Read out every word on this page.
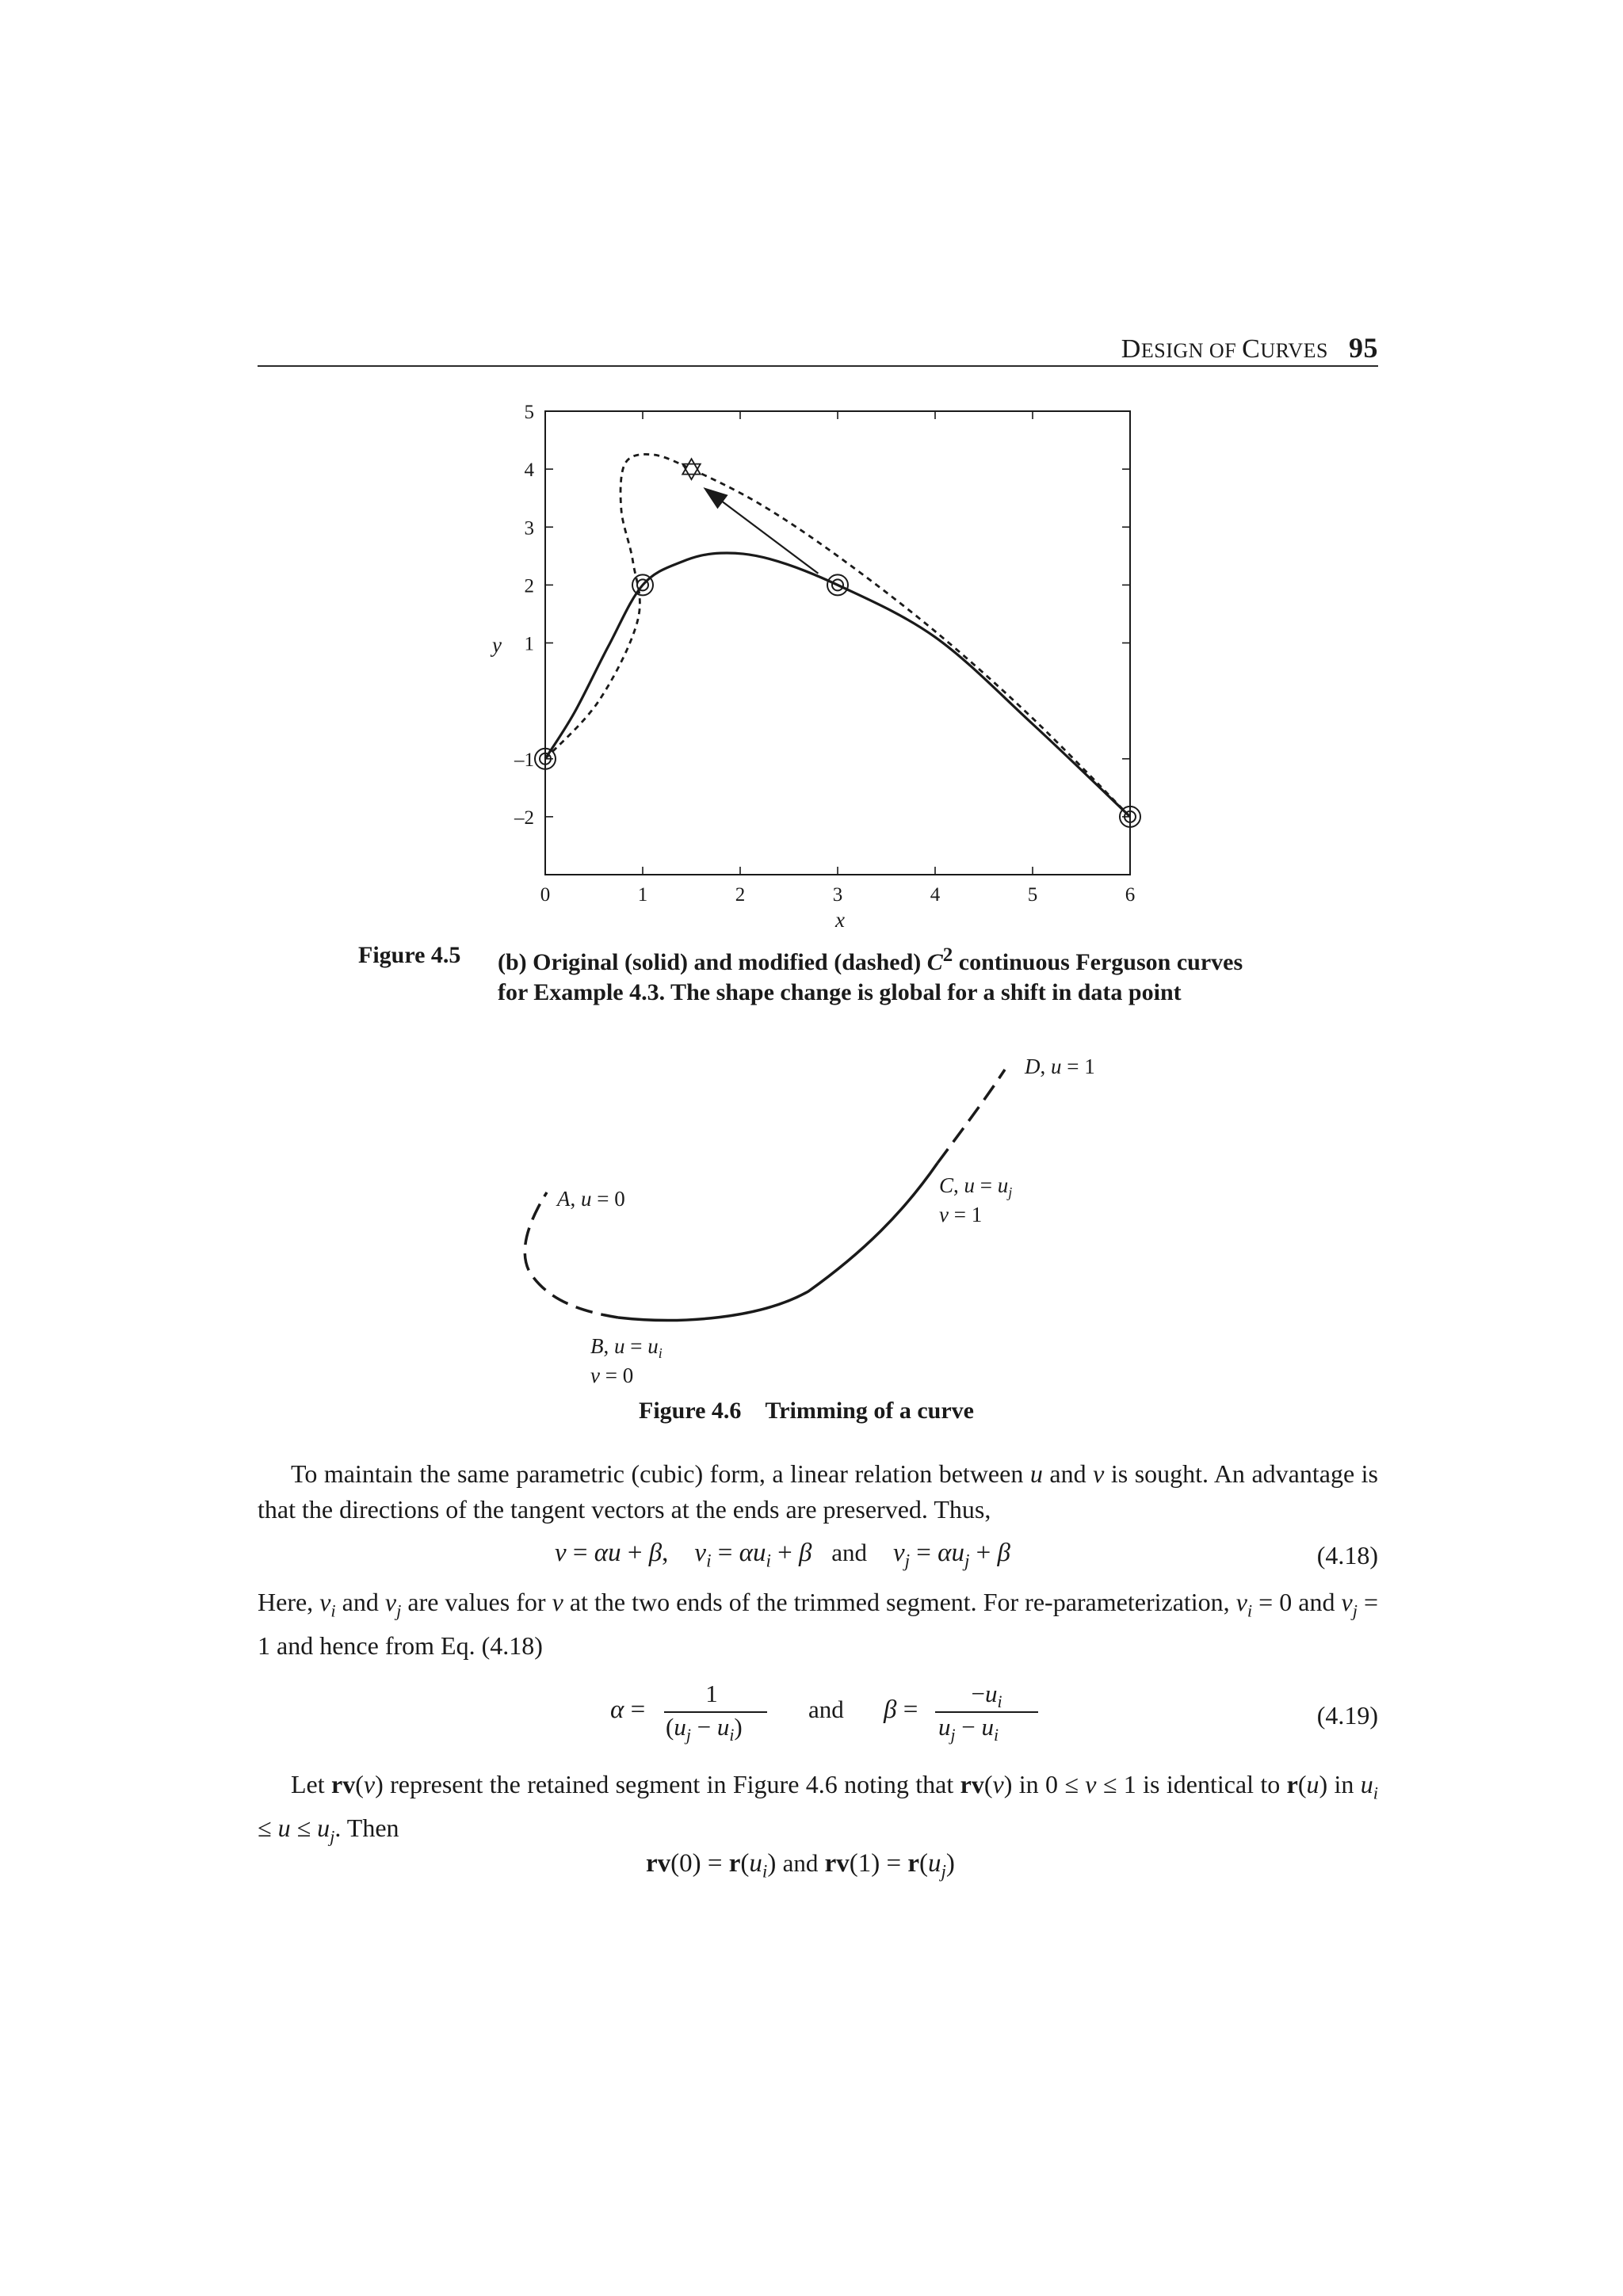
DESIGN OF CURVES 95
0	1	2	3	4	5	6
5
4
3
2
1
–1
–2
x
y
Figure 4.5 (b) Original (solid) and modified (dashed) $C^2$ continuous Ferguson curves
for Example 4.3. The shape change is global for a shift in data point
D, u = 1
A, u = 0
C, $u = u_j$
v = 1
B, $u = u_i$
v = 0
Figure 4.6 Trimming of a curve
To maintain the same parametric (cubic) form, a linear relation between u and v is sought. An advantage is that the directions of the tangent vectors at the ends are preserved. Thus,
v = αu + β,    $v_i = \alpha u_i + \beta$ and $v_j = \alpha u_j + \beta$	(4.18)
Here, $v_i$ and $v_j$ are values for v at the two ends of the trimmed segment. For re-parameterization, $v_i = 0$ and $v_j = 1$ and hence from Eq. (4.18)
α =
1
$(u_j - u_i)$
and β =
$-u_i$
$u_j - u_i$
(4.19)
Let rv(v) represent the retained segment in Figure 4.6 noting that rv(v) in 0 ≤ v ≤ 1 is identical to r(u) in $u_i \le u \le u_j$. Then
$rv(0) = r(u_i)$ and $rv(1) = r(u_j)$
